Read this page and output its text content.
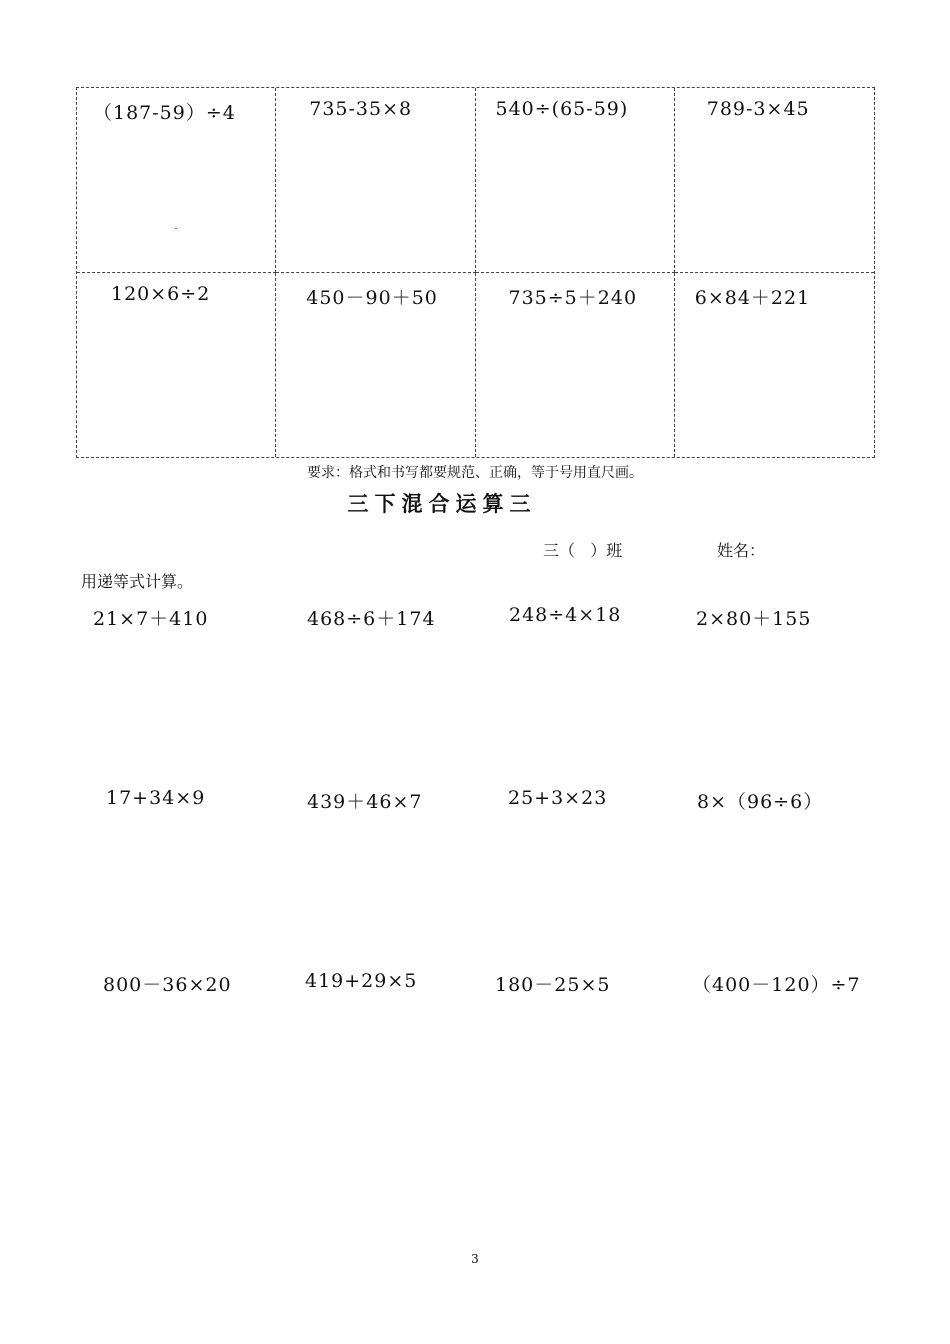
（187-59）÷4	735-35×8	540÷(65-59)	789-3×45
120×6÷2	450－90＋50	735÷5＋240	6×84＋221
要求：格式和书写都要规范、正确，等于号用直尺画。
三下混合运算三
三（   ）班	姓名：
用递等式计算。
21×7＋410	468÷6＋174	248÷4×18	2×80＋155
17+34×9	439＋46×7	25+3×23	8×（96÷6）
800－36×20	419+29×5	180－25×5	（400－120）÷7
3
